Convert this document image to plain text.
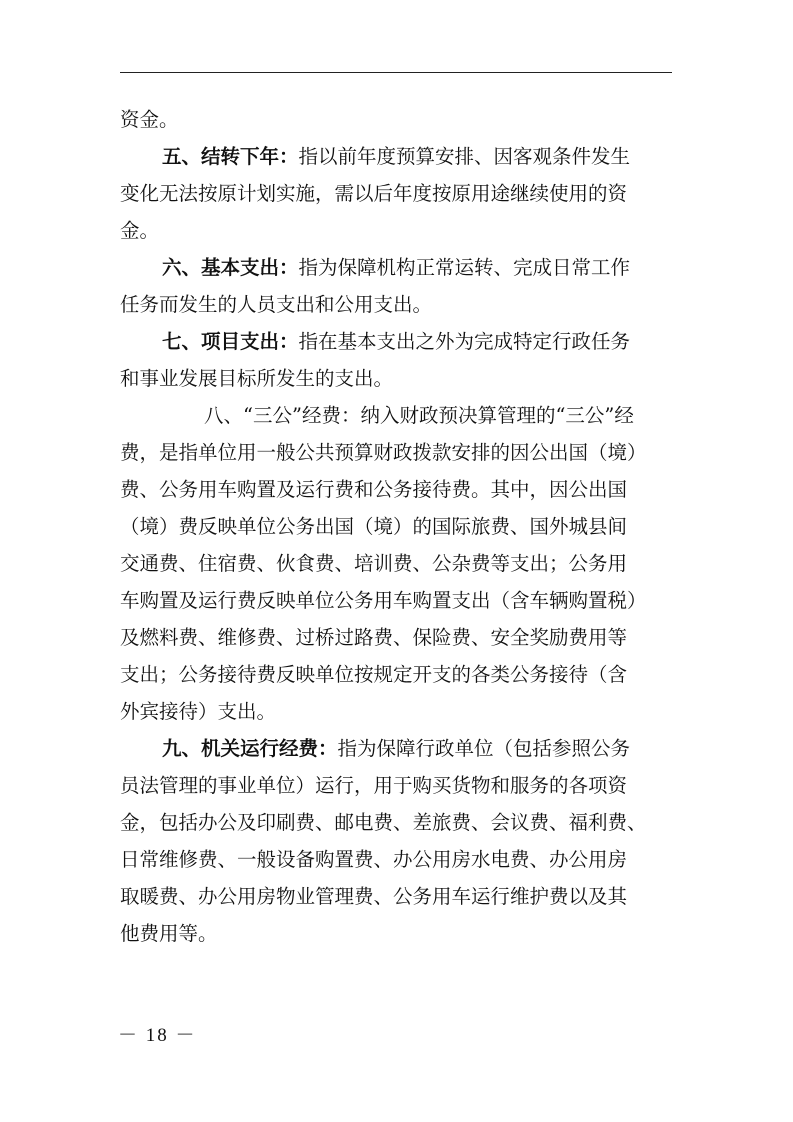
资金。
五、结转下年：指以前年度预算安排、因客观条件发生
变化无法按原计划实施，需以后年度按原用途继续使用的资
金。
六、基本支出：指为保障机构正常运转、完成日常工作
任务而发生的人员支出和公用支出。
七、项目支出：指在基本支出之外为完成特定行政任务
和事业发展目标所发生的支出。
八、“三公”经费：纳入财政预决算管理的“三公”经
费，是指单位用一般公共预算财政拨款安排的因公出国（境）
费、公务用车购置及运行费和公务接待费。其中，因公出国
（境）费反映单位公务出国（境）的国际旅费、国外城县间
交通费、住宿费、伙食费、培训费、公杂费等支出；公务用
车购置及运行费反映单位公务用车购置支出（含车辆购置税）
及燃料费、维修费、过桥过路费、保险费、安全奖励费用等
支出；公务接待费反映单位按规定开支的各类公务接待（含
外宾接待）支出。
九、机关运行经费：指为保障行政单位（包括参照公务
员法管理的事业单位）运行，用于购买货物和服务的各项资
金，包括办公及印刷费、邮电费、差旅费、会议费、福利费、
日常维修费、一般设备购置费、办公用房水电费、办公用房
取暖费、办公用房物业管理费、公务用车运行维护费以及其
他费用等。
－ 18 －
